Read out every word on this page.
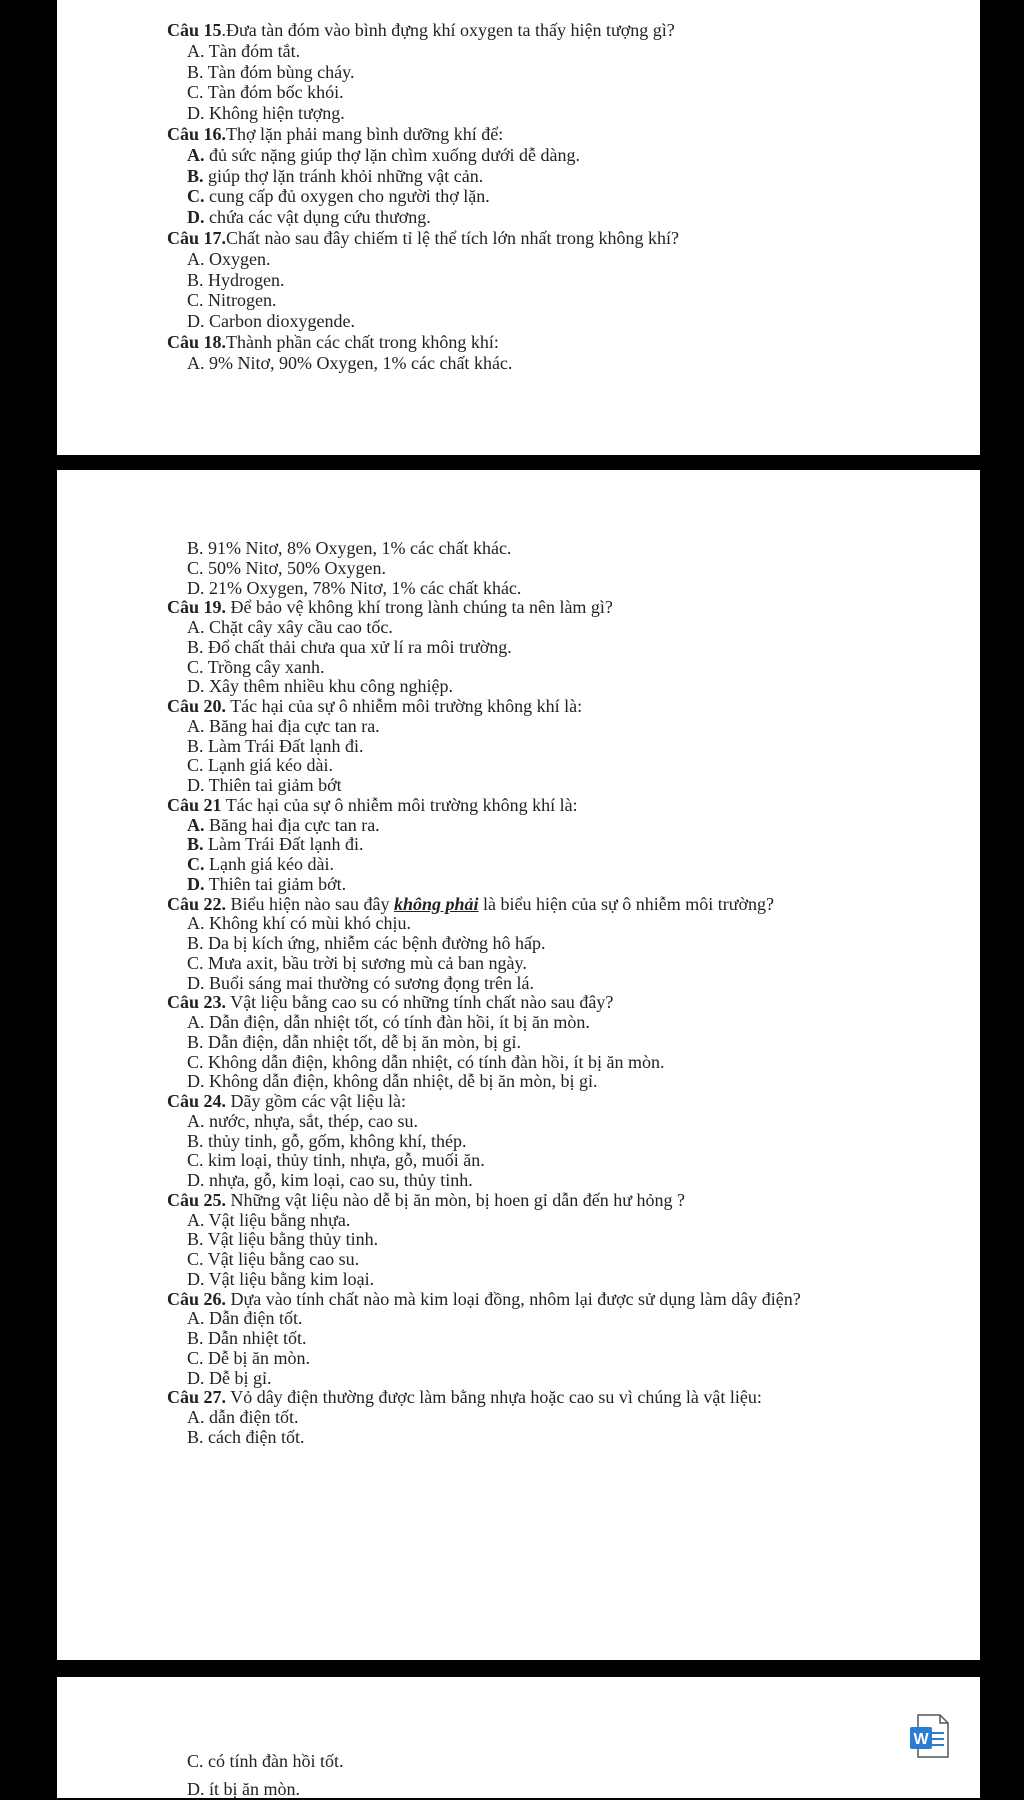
Câu 15.Đưa tàn đóm vào bình đựng khí oxygen ta thấy hiện tượng gì?
A. Tàn đóm tắt.
B. Tàn đóm bùng cháy.
C. Tàn đóm bốc khói.
D. Không hiện tượng.
Câu 16.Thợ lặn phải mang bình dưỡng khí để:
A. đủ sức nặng giúp thợ lặn chìm xuống dưới dễ dàng.
B. giúp thợ lặn tránh khỏi những vật cản.
C. cung cấp đủ oxygen cho người thợ lặn.
D. chứa các vật dụng cứu thương.
Câu 17.Chất nào sau đây chiếm tỉ lệ thể tích lớn nhất trong không khí?
A. Oxygen.
B. Hydrogen.
C. Nitrogen.
D. Carbon dioxygende.
Câu 18.Thành phần các chất trong không khí:
A. 9% Nitơ, 90% Oxygen, 1% các chất khác.
B. 91% Nitơ, 8% Oxygen, 1% các chất khác.
C. 50% Nitơ, 50% Oxygen.
D. 21% Oxygen, 78% Nitơ, 1% các chất khác.
Câu 19. Để bảo vệ không khí trong lành chúng ta nên làm gì?
A. Chặt cây xây cầu cao tốc.
B. Đổ chất thải chưa qua xử lí ra môi trường.
C. Trồng cây xanh.
D. Xây thêm nhiều khu công nghiệp.
Câu 20. Tác hại của sự ô nhiễm môi trường không khí là:
A. Băng hai địa cực tan ra.
B. Làm Trái Đất lạnh đi.
C. Lạnh giá kéo dài.
D. Thiên tai giảm bớt
Câu 21 Tác hại của sự ô nhiễm môi trường không khí là:
A. Băng hai địa cực tan ra.
B. Làm Trái Đất lạnh đi.
C. Lạnh giá kéo dài.
D. Thiên tai giảm bớt.
Câu 22. Biểu hiện nào sau đây không phải là biểu hiện của sự ô nhiễm môi trường?
A. Không khí có mùi khó chịu.
B. Da bị kích ứng, nhiễm các bệnh đường hô hấp.
C. Mưa axit, bầu trời bị sương mù cả ban ngày.
D. Buổi sáng mai thường có sương đọng trên lá.
Câu 23. Vật liệu bằng cao su có những tính chất nào sau đây?
A. Dẫn điện, dẫn nhiệt tốt, có tính đàn hồi, ít bị ăn mòn.
B. Dẫn điện, dẫn nhiệt tốt, dễ bị ăn mòn, bị gỉ.
C. Không dẫn điện, không dẫn nhiệt, có tính đàn hồi, ít bị ăn mòn.
D. Không dẫn điện, không dẫn nhiệt, dễ bị ăn mòn, bị gỉ.
Câu 24. Dãy gồm các vật liệu là:
A. nước, nhựa, sắt, thép, cao su.
B. thủy tinh, gỗ, gốm, không khí, thép.
C. kim loại, thủy tinh, nhựa, gỗ, muối ăn.
D. nhựa, gỗ, kim loại, cao su, thủy tinh.
Câu 25. Những vật liệu nào dễ bị ăn mòn, bị hoen gỉ dẫn đến hư hỏng ?
A. Vật liệu bằng nhựa.
B. Vật liệu bằng thủy tinh.
C. Vật liệu bằng cao su.
D. Vật liệu bằng kim loại.
Câu 26. Dựa vào tính chất nào mà kim loại đồng, nhôm lại được sử dụng làm dây điện?
A. Dẫn điện tốt.
B. Dẫn nhiệt tốt.
C. Dễ bị ăn mòn.
D. Dễ bị gỉ.
Câu 27. Vỏ dây điện thường được làm bằng nhựa hoặc cao su vì chúng là vật liệu:
A. dẫn điện tốt.
B. cách điện tốt.
W
C. có tính đàn hồi tốt.
D. ít bị ăn mòn.
